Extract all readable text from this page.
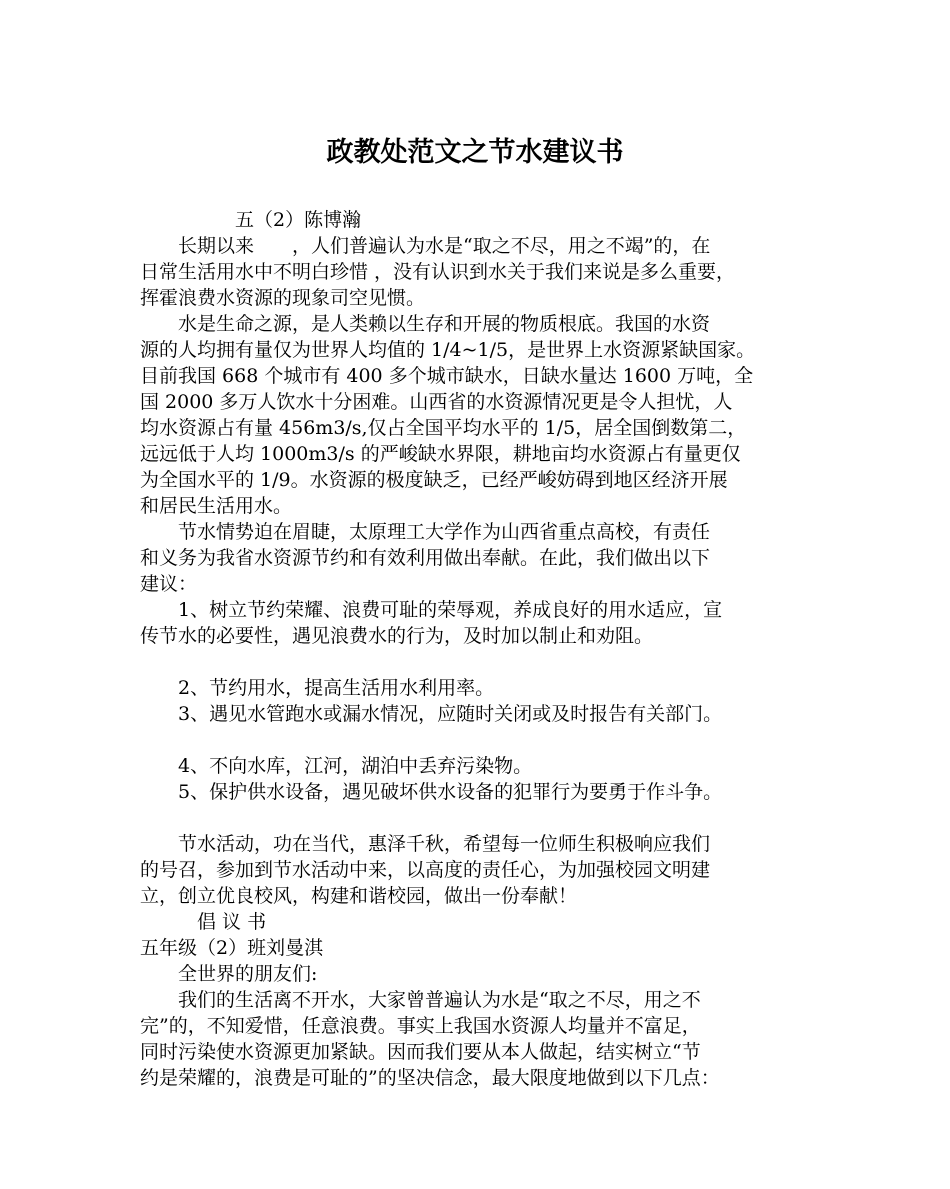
政教处范文之节水建议书
　　　　　五（2）陈博瀚
　　长期以来　　，人们普遍认为水是“取之不尽，用之不竭”的，在
日常生活用水中不明白珍惜 ，没有认识到水关于我们来说是多么重要，
挥霍浪费水资源的现象司空见惯。
　　水是生命之源，是人类赖以生存和开展的物质根底。我国的水资
源的人均拥有量仅为世界人均值的 1/4~1/5，是世界上水资源紧缺国家。
目前我国 668 个城市有 400 多个城市缺水，日缺水量达 1600 万吨，全
国 2000 多万人饮水十分困难。山西省的水资源情况更是令人担忧，人
均水资源占有量 456m3/s,仅占全国平均水平的 1/5，居全国倒数第二，
远远低于人均 1000m3/s 的严峻缺水界限，耕地亩均水资源占有量更仅
为全国水平的 1/9。水资源的极度缺乏，已经严峻妨碍到地区经济开展
和居民生活用水。
　　节水情势迫在眉睫，太原理工大学作为山西省重点高校，有责任
和义务为我省水资源节约和有效利用做出奉献。在此，我们做出以下
建议：
　　1、树立节约荣耀、浪费可耻的荣辱观，养成良好的用水适应，宣
传节水的必要性，遇见浪费水的行为，及时加以制止和劝阻。
　　2、节约用水，提高生活用水利用率。
　　3、遇见水管跑水或漏水情况，应随时关闭或及时报告有关部门。
　　4、不向水库，江河，湖泊中丢弃污染物。
　　5、保护供水设备，遇见破坏供水设备的犯罪行为要勇于作斗争。
　　节水活动，功在当代，惠泽千秋，希望每一位师生积极响应我们
的号召，参加到节水活动中来，以高度的责任心，为加强校园文明建
立，创立优良校风，构建和谐校园，做出一份奉献！
　　　倡 议 书
五年级（2）班刘曼淇
　　全世界的朋友们:
　　我们的生活离不开水，大家曾普遍认为水是“取之不尽，用之不
完”的，不知爱惜，任意浪费。事实上我国水资源人均量并不富足，
同时污染使水资源更加紧缺。因而我们要从本人做起，结实树立“节
约是荣耀的，浪费是可耻的”的坚决信念，最大限度地做到以下几点：
